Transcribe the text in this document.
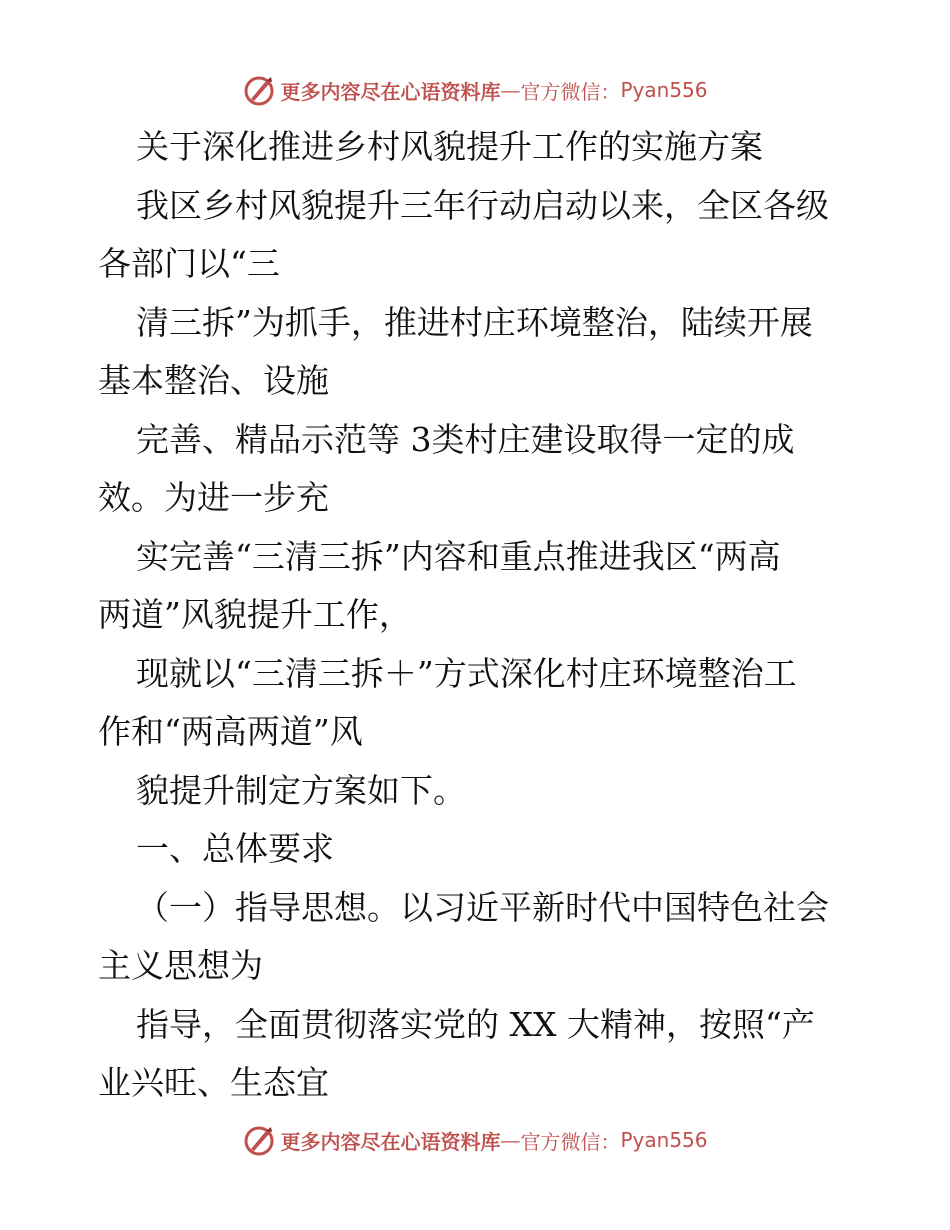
更多内容尽在心语资料库 — 官方微信： Pyan556
关于深化推进乡村风貌提升工作的实施方案
我区乡村风貌提升三年行动启动以来，全区各级
各部门以“三
清三拆”为抓手，推进村庄环境整治，陆续开展
基本整治、设施
完善、精品示范等 3类村庄建设取得一定的成
效。为进一步充
实完善“三清三拆”内容和重点推进我区“两高
两道”风貌提升工作，
现就以“三清三拆＋”方式深化村庄环境整治工
作和“两高两道”风
貌提升制定方案如下。
一、总体要求
（一）指导思想。以习近平新时代中国特色社会
主义思想为
指导，全面贯彻落实党的 XX 大精神，按照“产
业兴旺、生态宜
更多内容尽在心语资料库 — 官方微信： Pyan556
